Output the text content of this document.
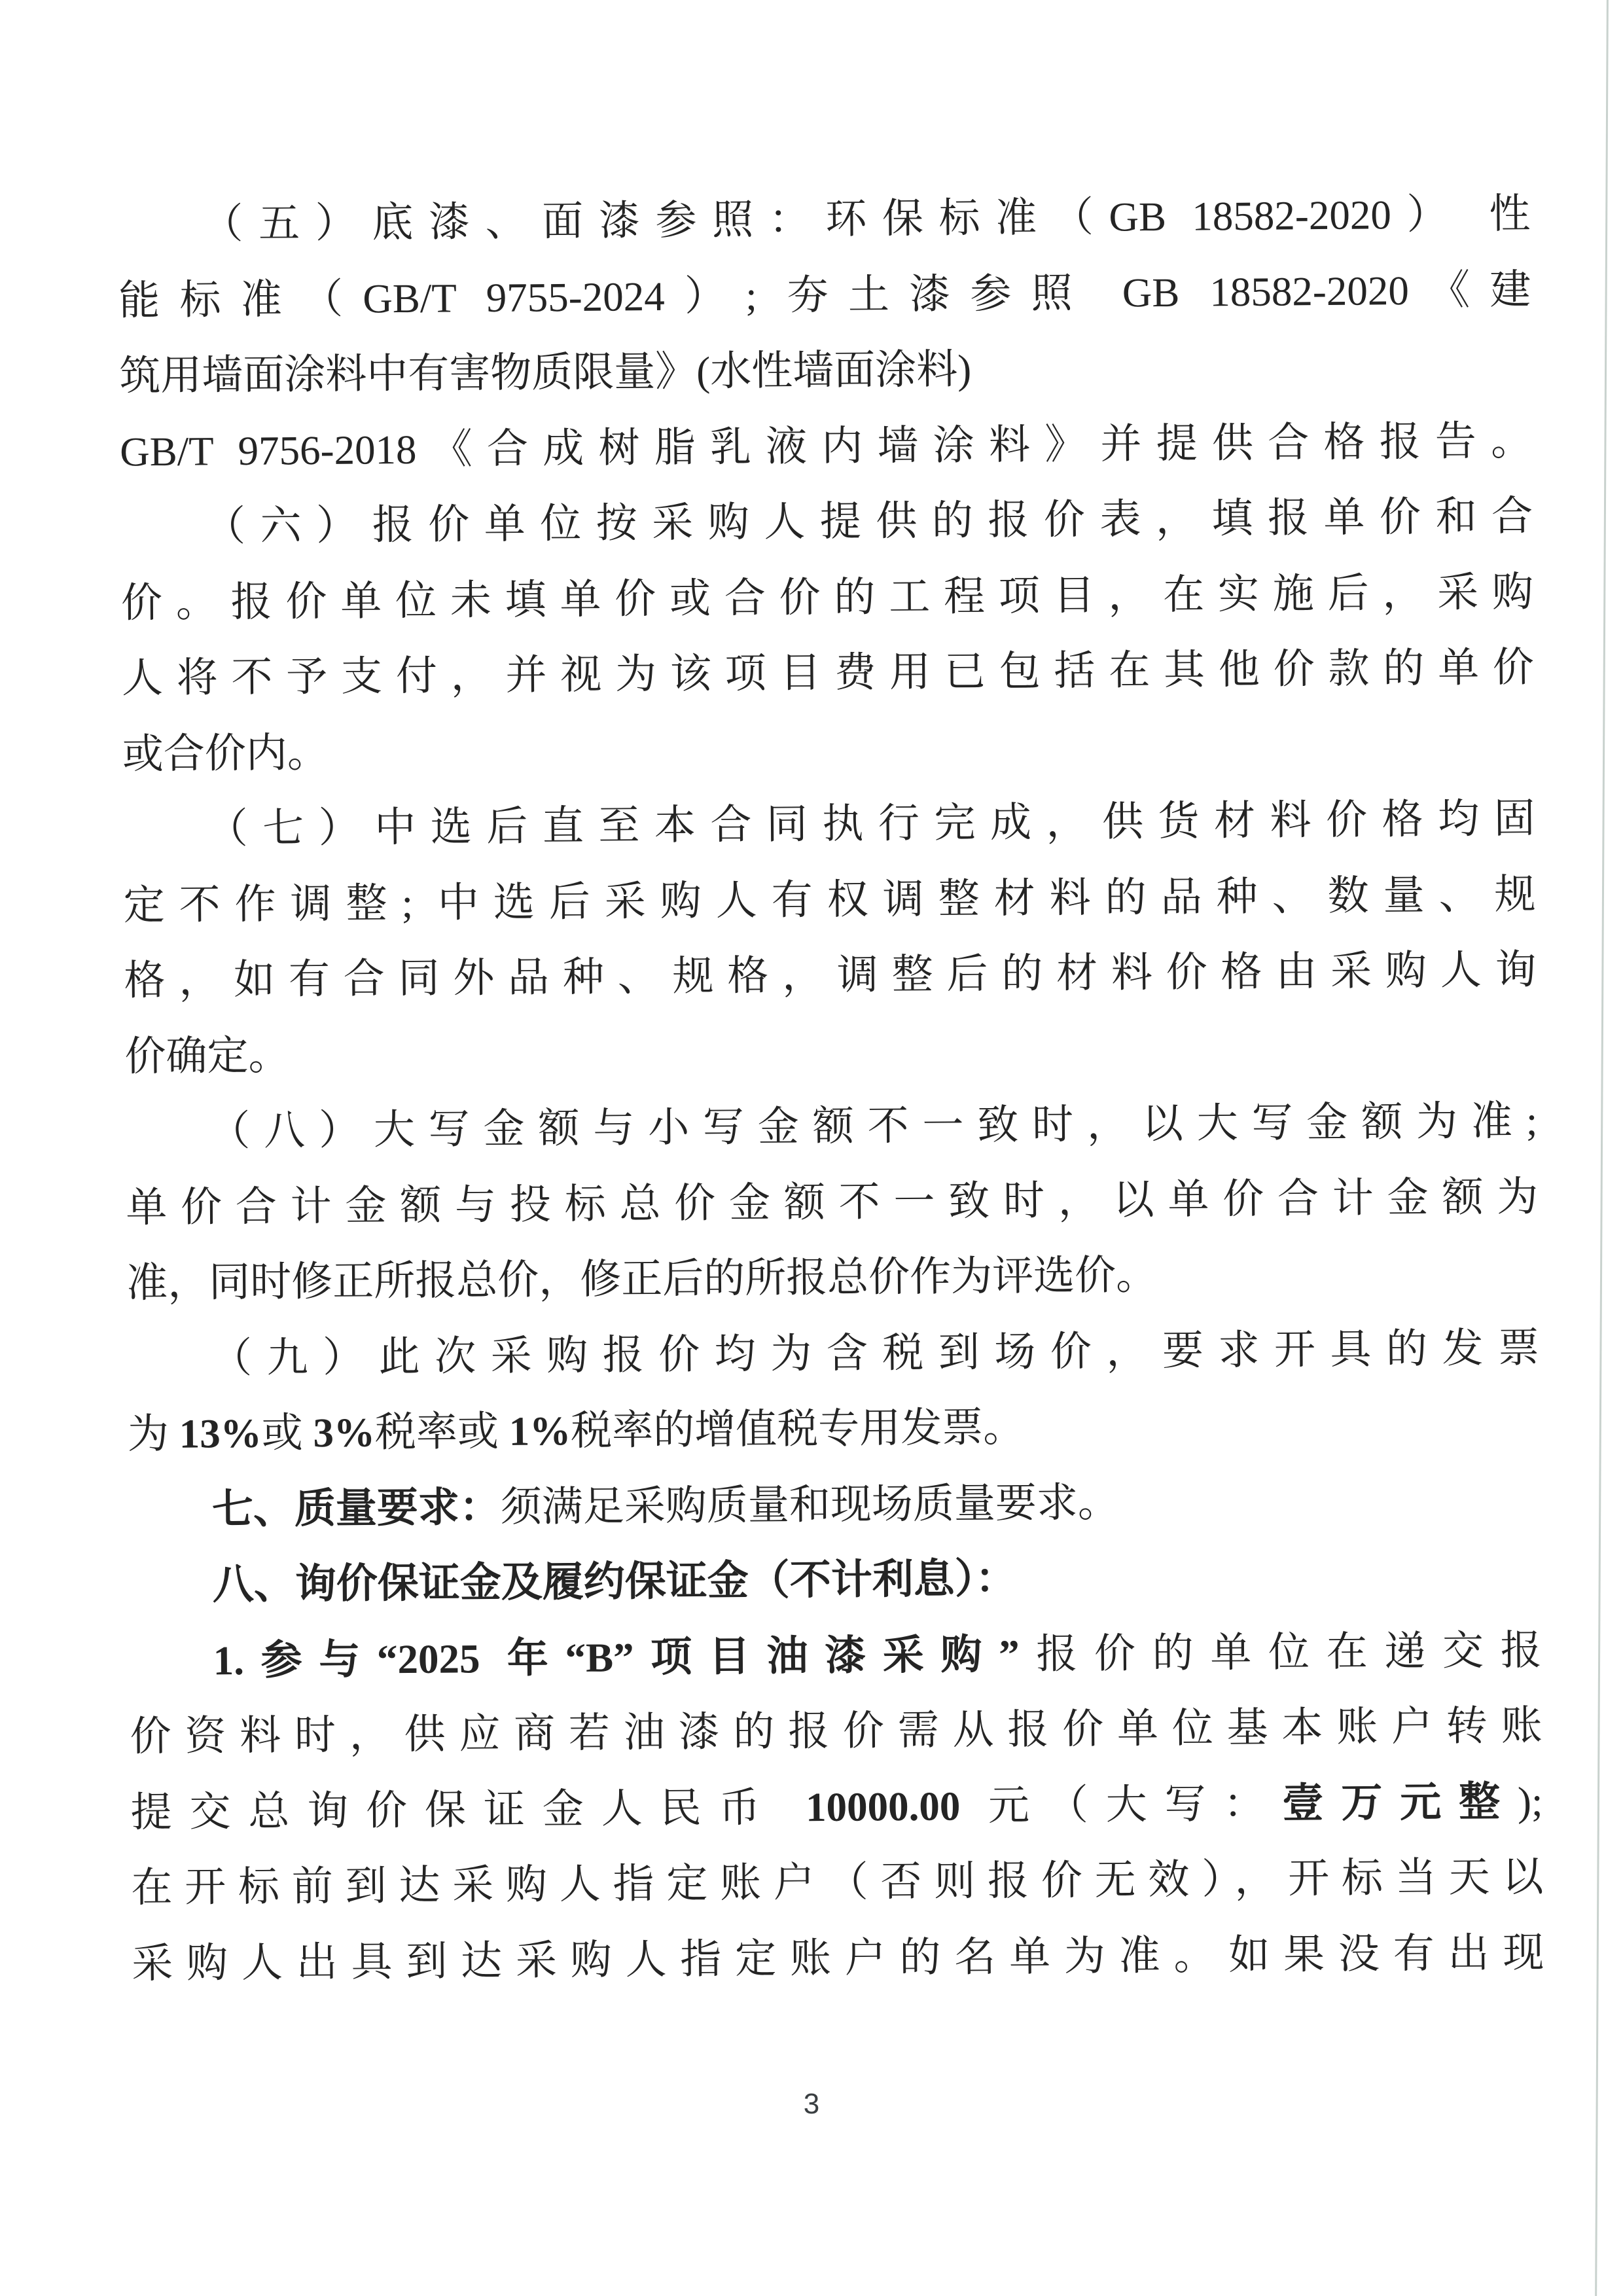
（五）底漆、面漆参照：环保标准（GB 18582-2020） 性
能标准（GB/T 9755-2024）; 夯土漆参照 GB 18582-2020《建
筑用墙面涂料中有害物质限量》(水性墙面涂料)
GB/T 9756-2018《合成树脂乳液内墙涂料》并提供合格报告。
（六）报价单位按采购人提供的报价表，填报单价和合
价。报价单位未填单价或合价的工程项目，在实施后，采购
人将不予支付，并视为该项目费用已包括在其他价款的单价
或合价内。
（七）中选后直至本合同执行完成，供货材料价格均固
定不作调整; 中选后采购人有权调整材料的品种、数量、规
格，如有合同外品种、规格，调整后的材料价格由采购人询
价确定。
（八）大写金额与小写金额不一致时，以大写金额为准;
单价合计金额与投标总价金额不一致时，以单价合计金额为
准，同时修正所报总价，修正后的所报总价作为评选价。
（九）此次采购报价均为含税到场价，要求开具的发票
为 13%或 3%税率或 1%税率的增值税专用发票。
七、质量要求：须满足采购质量和现场质量要求。
八、询价保证金及履约保证金（不计利息）：
1.参与“2025 年“B”项目油漆采购”报价的单位在递交报
价资料时，供应商若油漆的报价需从报价单位基本账户转账
提交总询价保证金人民币 10000.00 元（大写：壹万元整);
在开标前到达采购人指定账户（否则报价无效），开标当天以
采购人出具到达采购人指定账户的名单为准。如果没有出现
3
